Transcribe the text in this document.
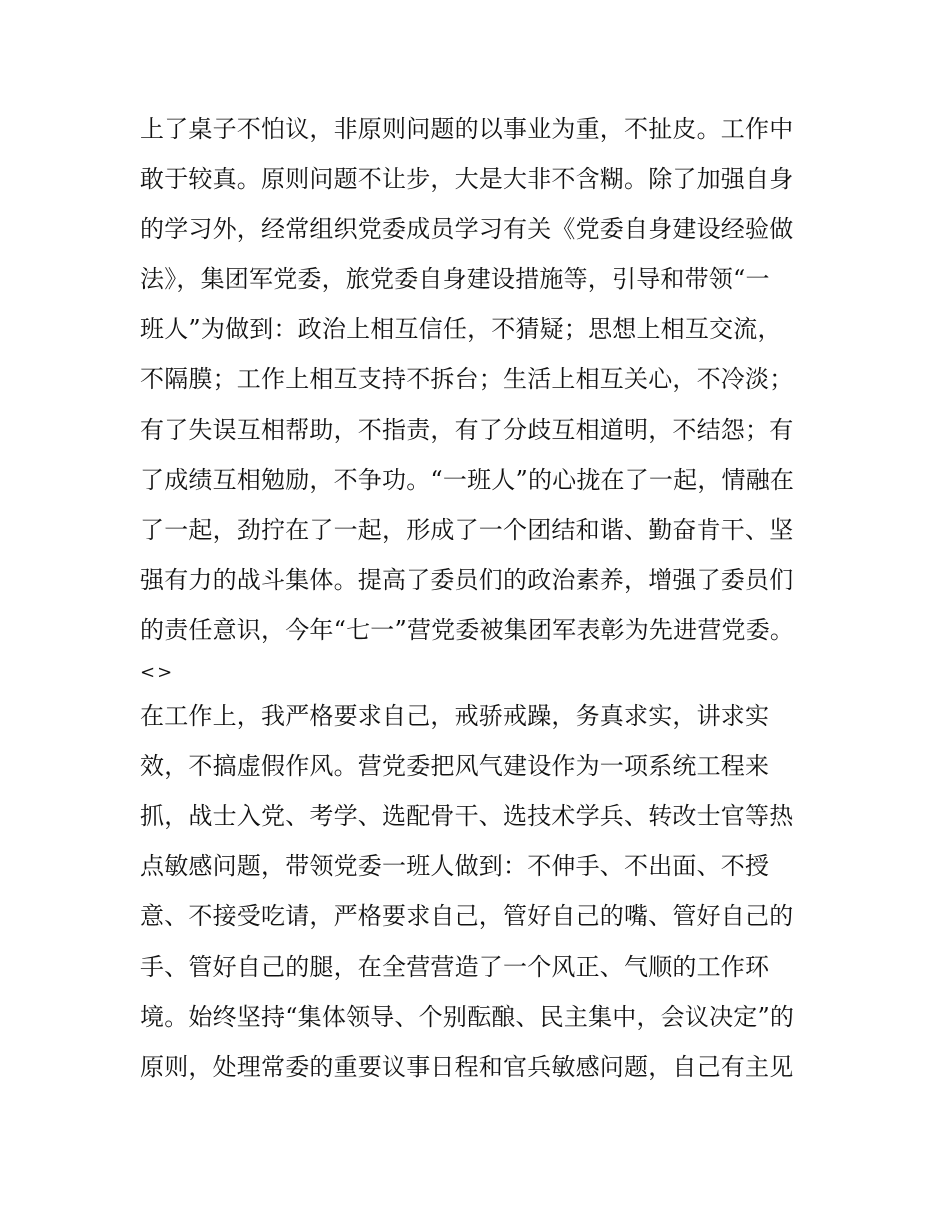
上了桌子不怕议，非原则问题的以事业为重，不扯皮。工作中
敢于较真。原则问题不让步，大是大非不含糊。除了加强自身
的学习外，经常组织党委成员学习有关《党委自身建设经验做
法》，集团军党委，旅党委自身建设措施等，引导和带领“一
班人”为做到：政治上相互信任，不猜疑；思想上相互交流，
不隔膜；工作上相互支持不拆台；生活上相互关心，不冷淡；
有了失误互相帮助，不指责，有了分歧互相道明，不结怨；有
了成绩互相勉励，不争功。“一班人”的心拢在了一起，情融在
了一起，劲拧在了一起，形成了一个团结和谐、勤奋肯干、坚
强有力的战斗集体。提高了委员们的政治素养，增强了委员们
的责任意识，今年“七一”营党委被集团军表彰为先进营党委。
<>
在工作上，我严格要求自己，戒骄戒躁，务真求实，讲求实
效，不搞虚假作风。营党委把风气建设作为一项系统工程来
抓，战士入党、考学、选配骨干、选技术学兵、转改士官等热
点敏感问题，带领党委一班人做到：不伸手、不出面、不授
意、不接受吃请，严格要求自己，管好自己的嘴、管好自己的
手、管好自己的腿，在全营营造了一个风正、气顺的工作环
境。始终坚持“集体领导、个别酝酿、民主集中，会议决定”的
原则，处理常委的重要议事日程和官兵敏感问题，自己有主见
